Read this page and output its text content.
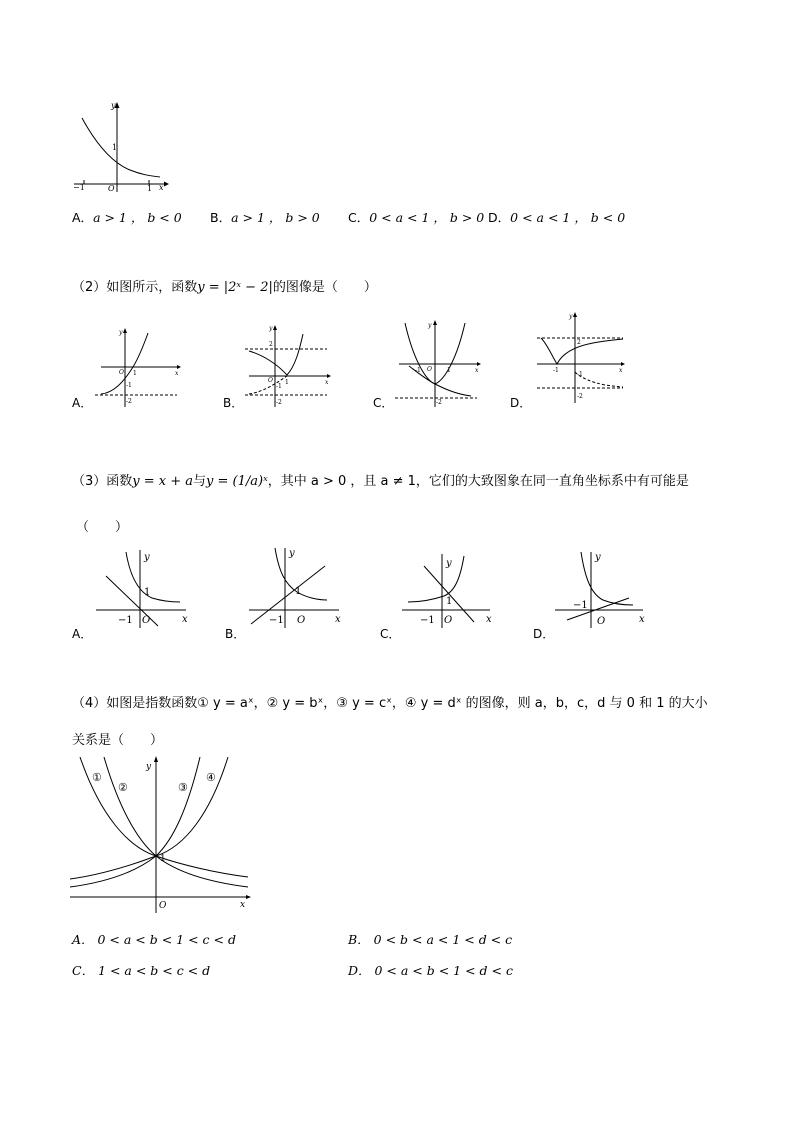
y
x
1
O
−1	1
A．a > 1 ， b < 0 B．a > 1 ， b > 0 C．0 < a < 1 ， b > 0 D．0 < a < 1 ， b < 0
（2）如图所示，函数y = |2ˣ − 2|的图像是（　　）
A．
y
x
O 1
-1
-2	B．
y
x
2
O 1
-1
-2	C．
y
x
O
-1	1
-2	D．
y
x
2
-1
-1
-2
（3）函数y = x + a与y = (1/a)ˣ，其中 a > 0 ，且 a ≠ 1，它们的大致图象在同一直角坐标系中有可能是
（　　）
A．
y
x
1
O
−1
B．
y
x
1
O
−1
C．
y
x
1
O
−1
D．
y
x
−1
O
（4）如图是指数函数① y = aˣ，② y = bˣ，③ y = cˣ，④ y = dˣ 的图像，则 a，b，c，d 与 0 和 1 的大小
关系是（　　）
①
②	③
④
y
x
1
O
A． 0 < a < b < 1 < c < d	B． 0 < b < a < 1 < d < c
C． 1 < a < b < c < d	D． 0 < a < b < 1 < d < c
